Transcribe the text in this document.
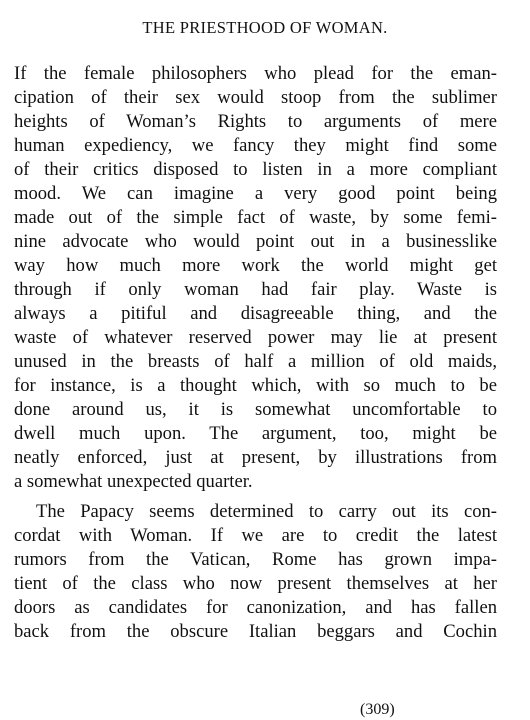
THE PRIESTHOOD OF WOMAN.
If the female philosophers who plead for the eman-
cipation of their sex would stoop from the sublimer
heights of Woman’s Rights to arguments of mere
human expediency, we fancy they might find some
of their critics disposed to listen in a more compliant
mood. We can imagine a very good point being
made out of the simple fact of waste, by some femi-
nine advocate who would point out in a businesslike
way how much more work the world might get
through if only woman had fair play. Waste is
always a pitiful and disagreeable thing, and the
waste of whatever reserved power may lie at present
unused in the breasts of half a million of old maids,
for instance, is a thought which, with so much to be
done around us, it is somewhat uncomfortable to
dwell much upon. The argument, too, might be
neatly enforced, just at present, by illustrations from
a somewhat unexpected quarter.
The Papacy seems determined to carry out its con-
cordat with Woman. If we are to credit the latest
rumors from the Vatican, Rome has grown impa-
tient of the class who now present themselves at her
doors as candidates for canonization, and has fallen
back from the obscure Italian beggars and Cochin
(309)
